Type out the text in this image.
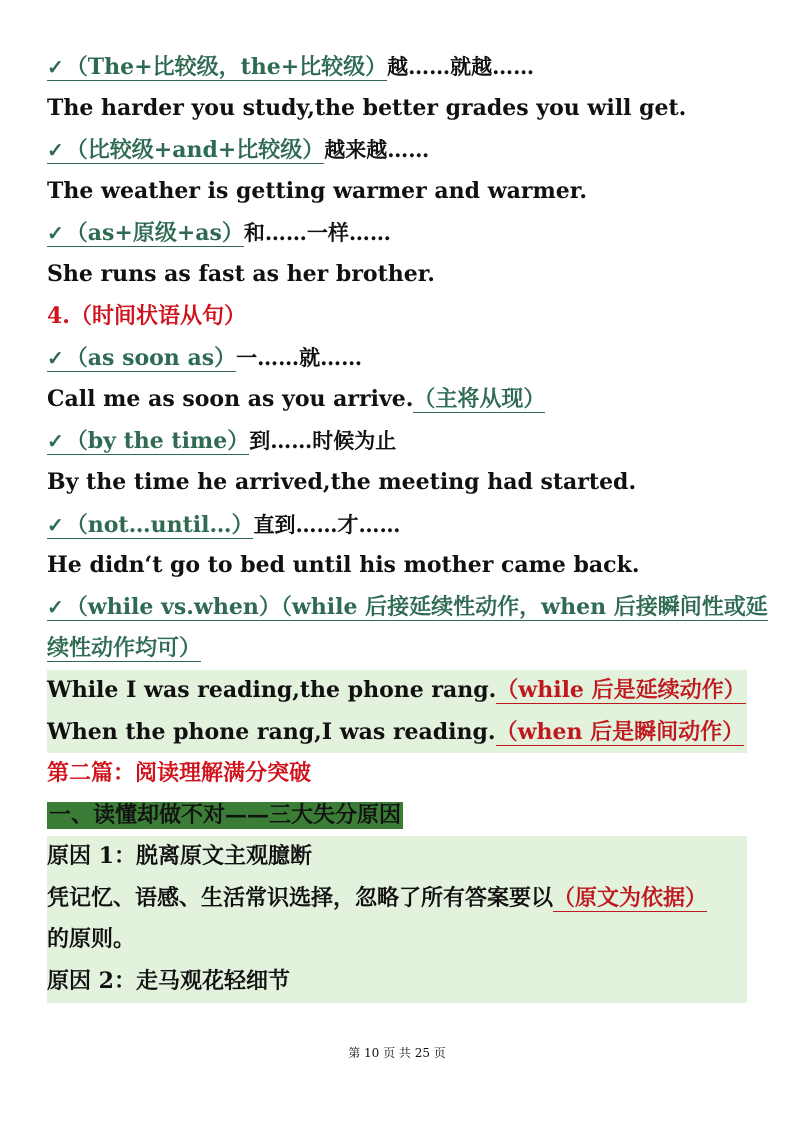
✓（The+比较级，the+比较级）越……就越……
The harder you study,the better grades you will get.
✓（比较级+and+比较级）越来越……
The weather is getting warmer and warmer.
✓（as+原级+as）和……一样……
She runs as fast as her brother.
4.（时间状语从句）
✓（as soon as）一……就……
Call me as soon as you arrive.（主将从现）
✓（by the time）到……时候为止
By the time he arrived,the meeting had started.
✓（not…until…）直到……才……
He didn‘t go to bed until his mother came back.
✓（while vs.when）（while 后接延续性动作，when 后接瞬间性或延
续性动作均可）
While I was reading,the phone rang.（while 后是延续动作）
When the phone rang,I was reading.（when 后是瞬间动作）
第二篇：阅读理解满分突破
一、读懂却做不对——三大失分原因
原因 1：脱离原文主观臆断
凭记忆、语感、生活常识选择，忽略了所有答案要以（原文为依据）
的原则。
原因 2：走马观花轻细节
第 10 页 共 25 页
